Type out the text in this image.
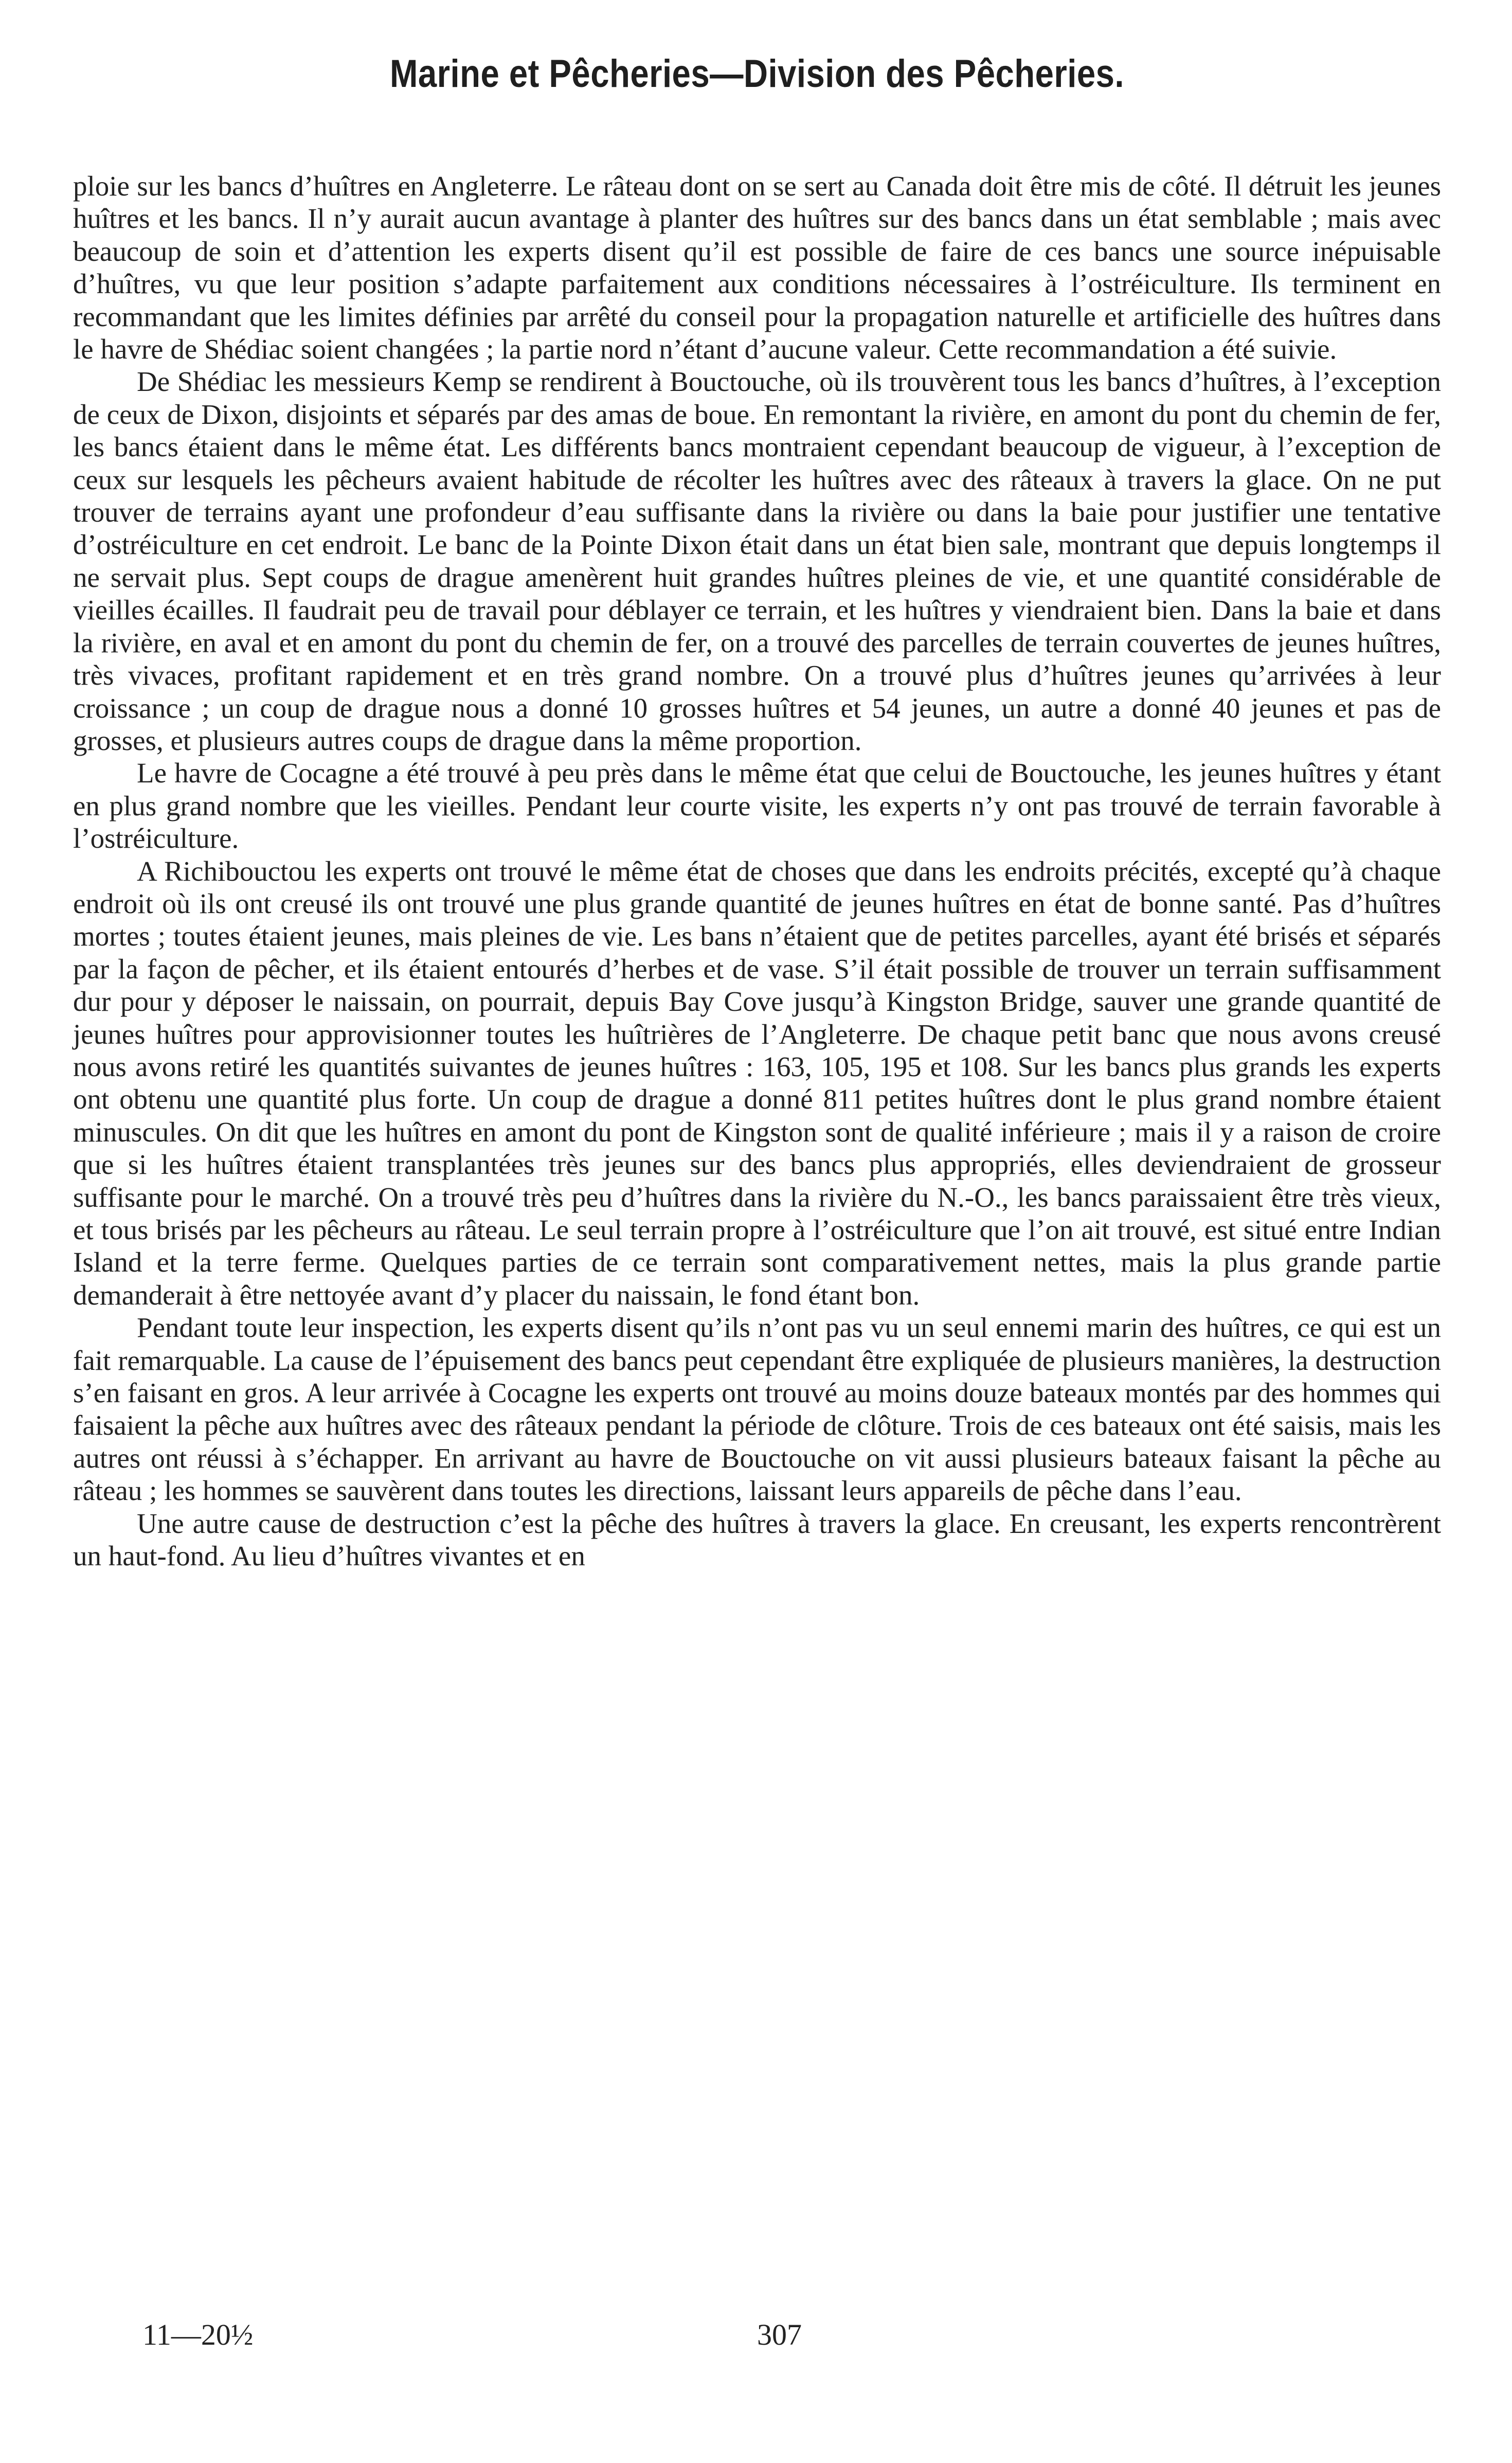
Marine et Pêcheries—Division des Pêcheries.

ploie sur les bancs d’huîtres en Angleterre. Le râteau dont on se sert au Canada doit être mis de côté. Il détruit les jeunes huîtres et les bancs. Il n’y aurait aucun avantage à planter des huîtres sur des bancs dans un état semblable ; mais avec beaucoup de soin et d’attention les experts disent qu’il est possible de faire de ces bancs une source inépuisable d’huîtres, vu que leur position s’adapte parfaitement aux conditions nécessaires à l’ostréiculture. Ils terminent en recommandant que les limites définies par arrêté du conseil pour la propagation naturelle et artificielle des huîtres dans le havre de Shédiac soient changées ; la partie nord n’étant d’aucune valeur. Cette recommandation a été suivie.

De Shédiac les messieurs Kemp se rendirent à Bouctouche, où ils trouvèrent tous les bancs d’huîtres, à l’exception de ceux de Dixon, disjoints et séparés par des amas de boue. En remontant la rivière, en amont du pont du chemin de fer, les bancs étaient dans le même état. Les différents bancs montraient cependant beaucoup de vigueur, à l’exception de ceux sur lesquels les pêcheurs avaient habitude de récolter les huîtres avec des râteaux à travers la glace. On ne put trouver de terrains ayant une profondeur d’eau suffisante dans la rivière ou dans la baie pour justifier une tentative d’ostréiculture en cet endroit. Le banc de la Pointe Dixon était dans un état bien sale, montrant que depuis longtemps il ne servait plus. Sept coups de drague amenèrent huit grandes huîtres pleines de vie, et une quantité considérable de vieilles écailles. Il faudrait peu de travail pour déblayer ce terrain, et les huîtres y viendraient bien. Dans la baie et dans la rivière, en aval et en amont du pont du chemin de fer, on a trouvé des parcelles de terrain couvertes de jeunes huîtres, très vivaces, profitant rapidement et en très grand nombre. On a trouvé plus d’huîtres jeunes qu’arrivées à leur croissance ; un coup de drague nous a donné 10 grosses huîtres et 54 jeunes, un autre a donné 40 jeunes et pas de grosses, et plusieurs autres coups de drague dans la même proportion.

Le havre de Cocagne a été trouvé à peu près dans le même état que celui de Bouctouche, les jeunes huîtres y étant en plus grand nombre que les vieilles. Pendant leur courte visite, les experts n’y ont pas trouvé de terrain favorable à l’ostréiculture.

A Richibouctou les experts ont trouvé le même état de choses que dans les endroits précités, excepté qu’à chaque endroit où ils ont creusé ils ont trouvé une plus grande quantité de jeunes huîtres en état de bonne santé. Pas d’huîtres mortes ; toutes étaient jeunes, mais pleines de vie. Les bans n’étaient que de petites parcelles, ayant été brisés et séparés par la façon de pêcher, et ils étaient entourés d’herbes et de vase. S’il était possible de trouver un terrain suffisamment dur pour y déposer le naissain, on pourrait, depuis Bay Cove jusqu’à Kingston Bridge, sauver une grande quantité de jeunes huîtres pour approvisionner toutes les huîtrières de l’Angleterre. De chaque petit banc que nous avons creusé nous avons retiré les quantités suivantes de jeunes huîtres : 163, 105, 195 et 108. Sur les bancs plus grands les experts ont obtenu une quantité plus forte. Un coup de drague a donné 811 petites huîtres dont le plus grand nombre étaient minuscules. On dit que les huîtres en amont du pont de Kingston sont de qualité inférieure ; mais il y a raison de croire que si les huîtres étaient transplantées très jeunes sur des bancs plus appropriés, elles deviendraient de grosseur suffisante pour le marché. On a trouvé très peu d’huîtres dans la rivière du N.-O., les bancs paraissaient être très vieux, et tous brisés par les pêcheurs au râteau. Le seul terrain propre à l’ostréiculture que l’on ait trouvé, est situé entre Indian Island et la terre ferme. Quelques parties de ce terrain sont comparativement nettes, mais la plus grande partie demanderait à être nettoyée avant d’y placer du naissain, le fond étant bon.

Pendant toute leur inspection, les experts disent qu’ils n’ont pas vu un seul ennemi marin des huîtres, ce qui est un fait remarquable. La cause de l’épuisement des bancs peut cependant être expliquée de plusieurs manières, la destruction s’en faisant en gros. A leur arrivée à Cocagne les experts ont trouvé au moins douze bateaux montés par des hommes qui faisaient la pêche aux huîtres avec des râteaux pendant la période de clôture. Trois de ces bateaux ont été saisis, mais les autres ont réussi à s’échapper. En arrivant au havre de Bouctouche on vit aussi plusieurs bateaux faisant la pêche au râteau ; les hommes se sauvèrent dans toutes les directions, laissant leurs appareils de pêche dans l’eau.

Une autre cause de destruction c’est la pêche des huîtres à travers la glace. En creusant, les experts rencontrèrent un haut-fond. Au lieu d’huîtres vivantes et en

11—20½	307
